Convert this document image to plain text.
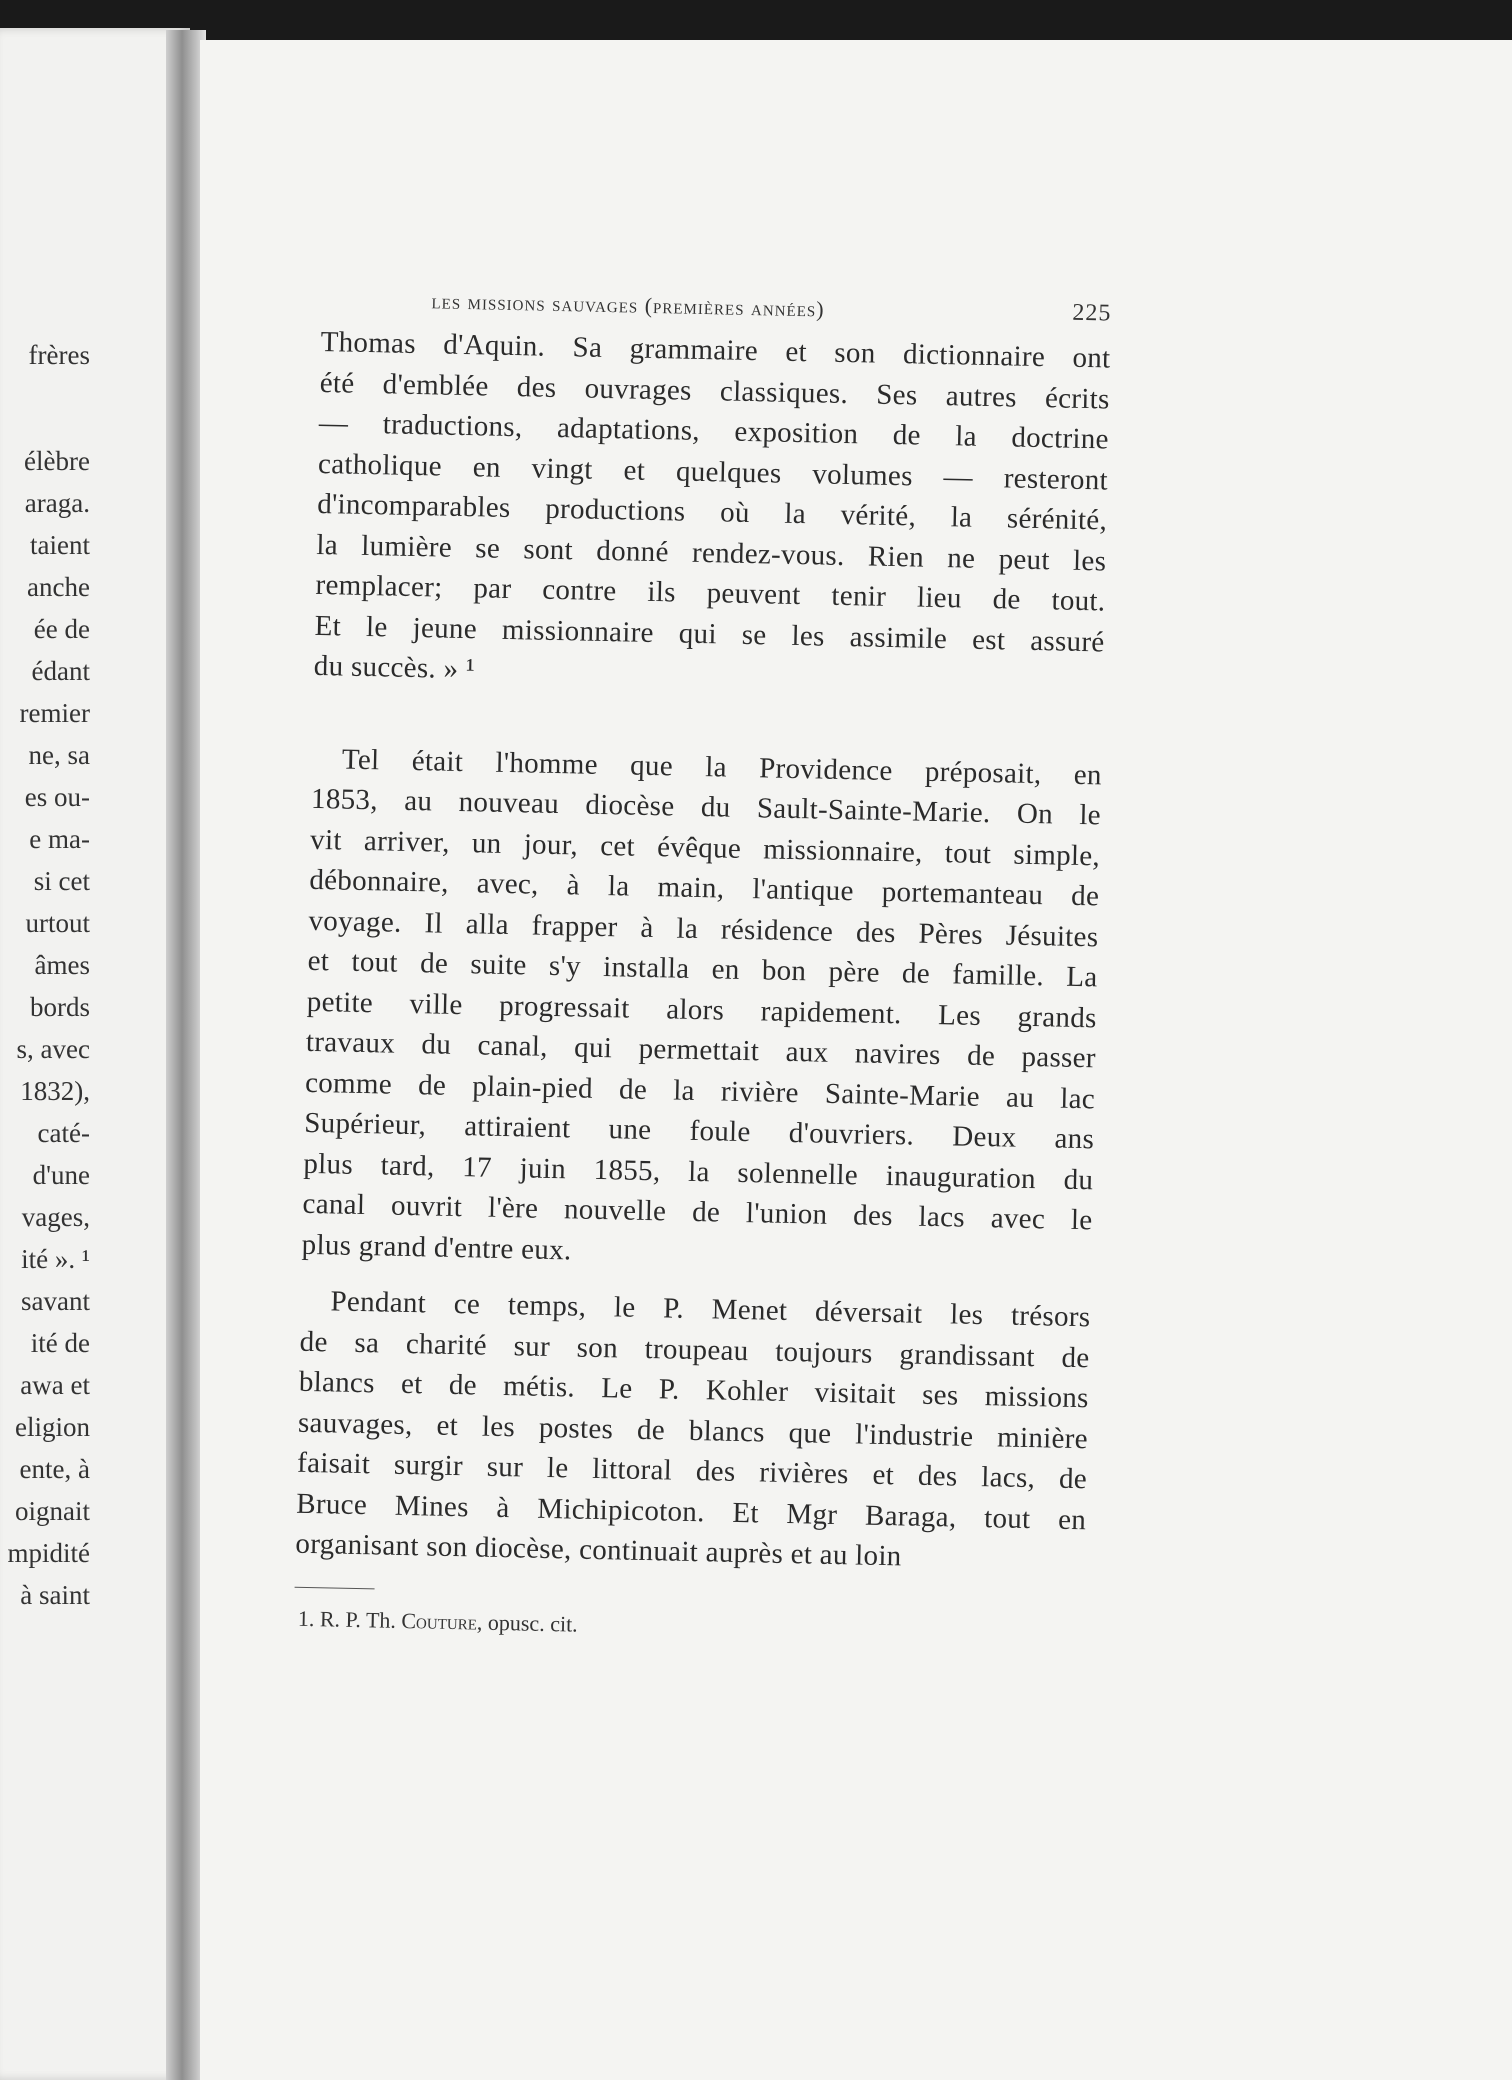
frères
élèbre
araga.
taient
anche
ée de
édant
remier
ne, sa
es ou-
e ma-
si cet
urtout
âmes
bords
s, avec
1832),
caté-
d'une
vages,
ité ». ¹
savant
ité de
awa et
eligion
ente, à
oignait
mpidité
à saint
les missions sauvages (premières années)	225

Thomas d'Aquin. Sa grammaire et son dictionnaire ont
été d'emblée des ouvrages classiques. Ses autres écrits
— traductions, adaptations, exposition de la doctrine
catholique en vingt et quelques volumes — resteront
d'incomparables productions où la vérité, la sérénité,
la lumière se sont donné rendez-vous. Rien ne peut les
remplacer; par contre ils peuvent tenir lieu de tout.
Et le jeune missionnaire qui se les assimile est assuré
du succès. » ¹

Tel était l'homme que la Providence préposait, en
1853, au nouveau diocèse du Sault-Sainte-Marie. On le
vit arriver, un jour, cet évêque missionnaire, tout simple,
débonnaire, avec, à la main, l'antique portemanteau de
voyage. Il alla frapper à la résidence des Pères Jésuites
et tout de suite s'y installa en bon père de famille. La
petite ville progressait alors rapidement. Les grands
travaux du canal, qui permettait aux navires de passer
comme de plain-pied de la rivière Sainte-Marie au lac
Supérieur, attiraient une foule d'ouvriers. Deux ans
plus tard, 17 juin 1855, la solennelle inauguration du
canal ouvrit l'ère nouvelle de l'union des lacs avec le
plus grand d'entre eux.

Pendant ce temps, le P. Menet déversait les trésors
de sa charité sur son troupeau toujours grandissant de
blancs et de métis. Le P. Kohler visitait ses missions
sauvages, et les postes de blancs que l'industrie minière
faisait surgir sur le littoral des rivières et des lacs, de
Bruce Mines à Michipicoton. Et Mgr Baraga, tout en
organisant son diocèse, continuait auprès et au loin

1. R. P. Th. Couture, opusc. cit.
